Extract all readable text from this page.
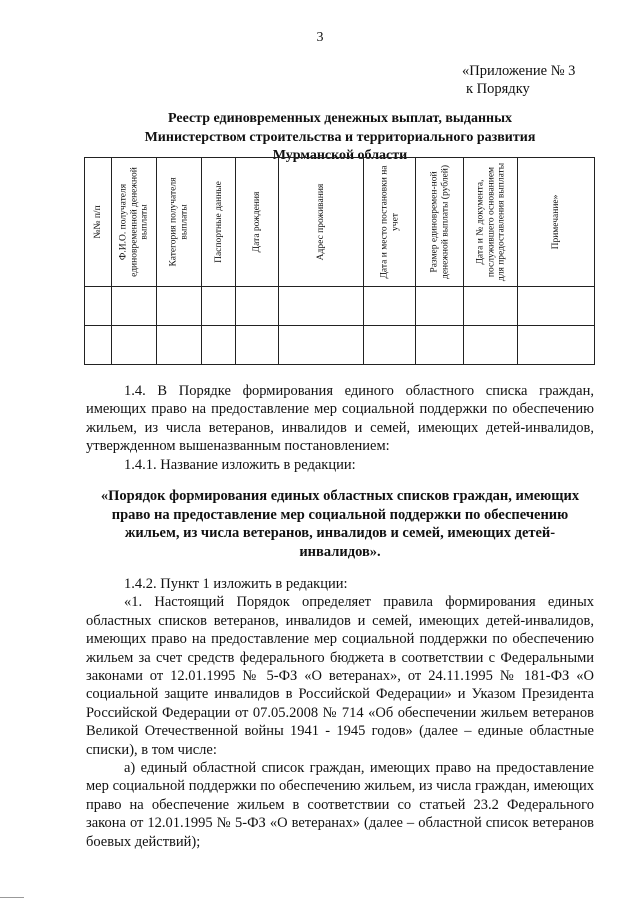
3
«Приложение № 3
к Порядку
Реестр единовременных денежных выплат, выданных
Министерством строительства и территориального развития
Мурманской области
№№ п/п	Ф.И.О. получателя единовременной денежной выплаты	Категория получателя выплаты	Паспортные данные	Дата рождения	Адрес проживания	Дата и место постановки на учет	Размер единовремен-ной денежной выплаты (рублей)	Дата и № документа, послужившего основанием для предоставления выплаты	Примечание»

1.4. В Порядке формирования единого областного списка граждан, имеющих право на предоставление мер социальной поддержки по обеспечению жильем, из числа ветеранов, инвалидов и семей, имеющих детей-инвалидов, утвержденном вышеназванным постановлением:

1.4.1. Название изложить в редакции:

«Порядок формирования единых областных списков граждан, имеющих право на предоставление мер социальной поддержки по обеспечению жильем, из числа ветеранов, инвалидов и семей, имеющих детей-инвалидов».

1.4.2. Пункт 1 изложить в редакции:

«1. Настоящий Порядок определяет правила формирования единых областных списков ветеранов, инвалидов и семей, имеющих детей-инвалидов, имеющих право на предоставление мер социальной поддержки по обеспечению жильем за счет средств федерального бюджета в соответствии с Федеральными законами от 12.01.1995 № 5-ФЗ «О ветеранах», от 24.11.1995 № 181-ФЗ «О социальной защите инвалидов в Российской Федерации» и Указом Президента Российской Федерации от 07.05.2008 № 714 «Об обеспечении жильем ветеранов Великой Отечественной войны 1941 - 1945 годов» (далее – единые областные списки), в том числе:

а) единый областной список граждан, имеющих право на предоставление мер социальной поддержки по обеспечению жильем, из числа граждан, имеющих право на обеспечение жильем в соответствии со статьей 23.2 Федерального закона от 12.01.1995 № 5-ФЗ «О ветеранах» (далее – областной список ветеранов боевых действий);
